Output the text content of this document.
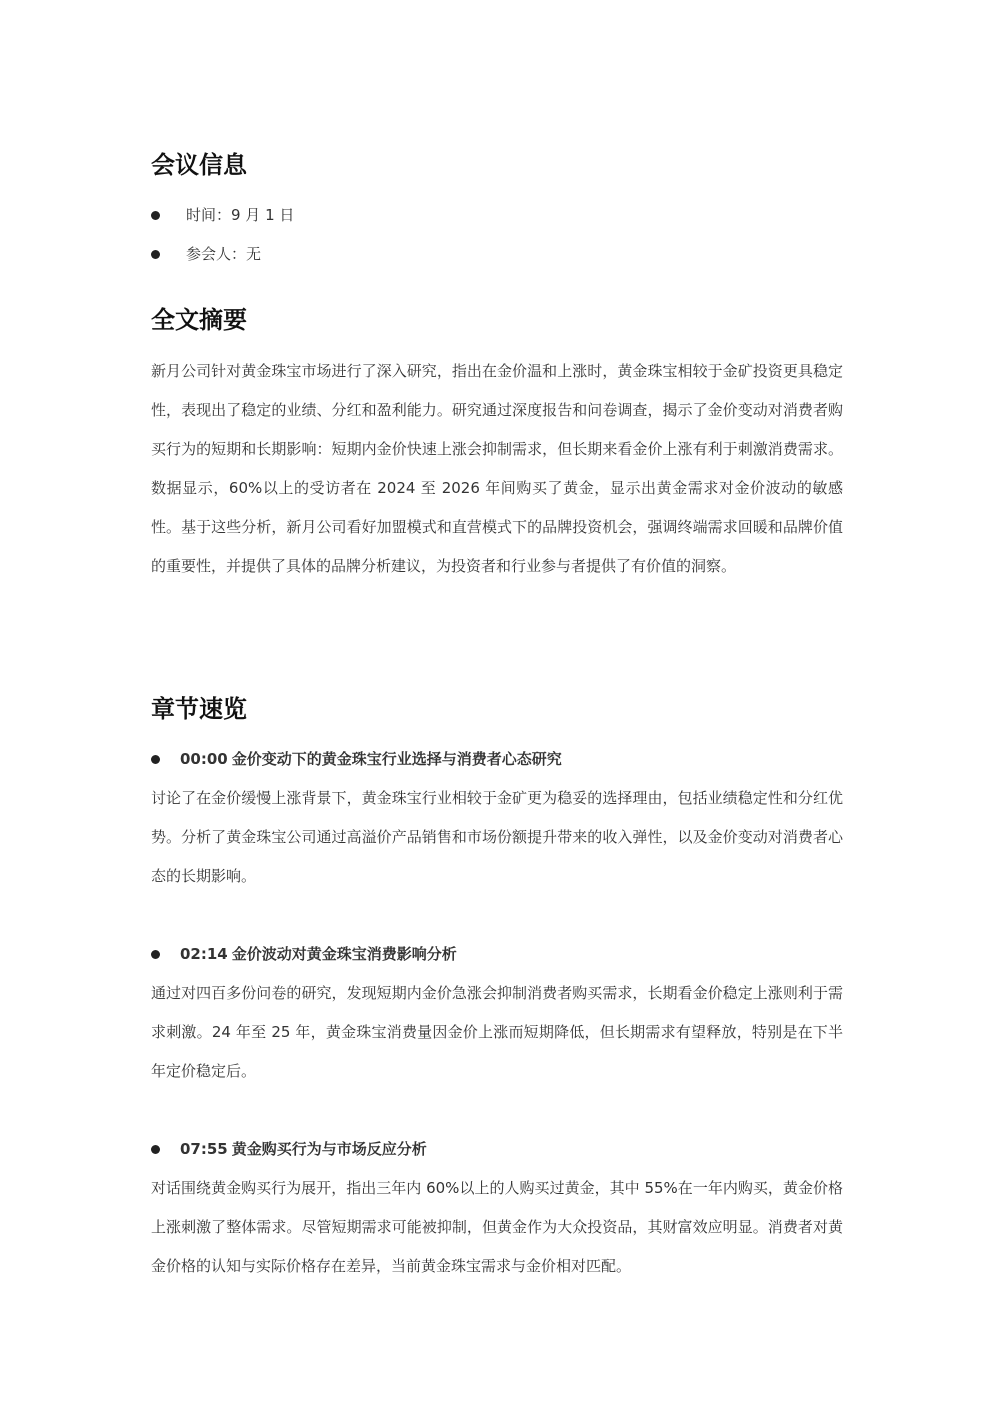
会议信息
时间：9 月 1 日
参会人：无
全文摘要

新月公司针对黄金珠宝市场进行了深入研究，指出在金价温和上涨时，黄金珠宝相较于金矿投资更具稳定性，表现出了稳定的业绩、分红和盈利能力。研究通过深度报告和问卷调查，揭示了金价变动对消费者购买行为的短期和长期影响：短期内金价快速上涨会抑制需求，但长期来看金价上涨有利于刺激消费需求。数据显示，60%以上的受访者在 2024 至 2026 年间购买了黄金，显示出黄金需求对金价波动的敏感性。基于这些分析，新月公司看好加盟模式和直营模式下的品牌投资机会，强调终端需求回暖和品牌价值的重要性，并提供了具体的品牌分析建议，为投资者和行业参与者提供了有价值的洞察。

章节速览
00:00 金价变动下的黄金珠宝行业选择与消费者心态研究

讨论了在金价缓慢上涨背景下，黄金珠宝行业相较于金矿更为稳妥的选择理由，包括业绩稳定性和分红优势。分析了黄金珠宝公司通过高溢价产品销售和市场份额提升带来的收入弹性，以及金价变动对消费者心态的长期影响。

02:14 金价波动对黄金珠宝消费影响分析

通过对四百多份问卷的研究，发现短期内金价急涨会抑制消费者购买需求，长期看金价稳定上涨则利于需求刺激。24 年至 25 年，黄金珠宝消费量因金价上涨而短期降低，但长期需求有望释放，特别是在下半年定价稳定后。

07:55 黄金购买行为与市场反应分析

对话围绕黄金购买行为展开，指出三年内 60%以上的人购买过黄金，其中 55%在一年内购买，黄金价格上涨刺激了整体需求。尽管短期需求可能被抑制，但黄金作为大众投资品，其财富效应明显。消费者对黄金价格的认知与实际价格存在差异，当前黄金珠宝需求与金价相对匹配。
